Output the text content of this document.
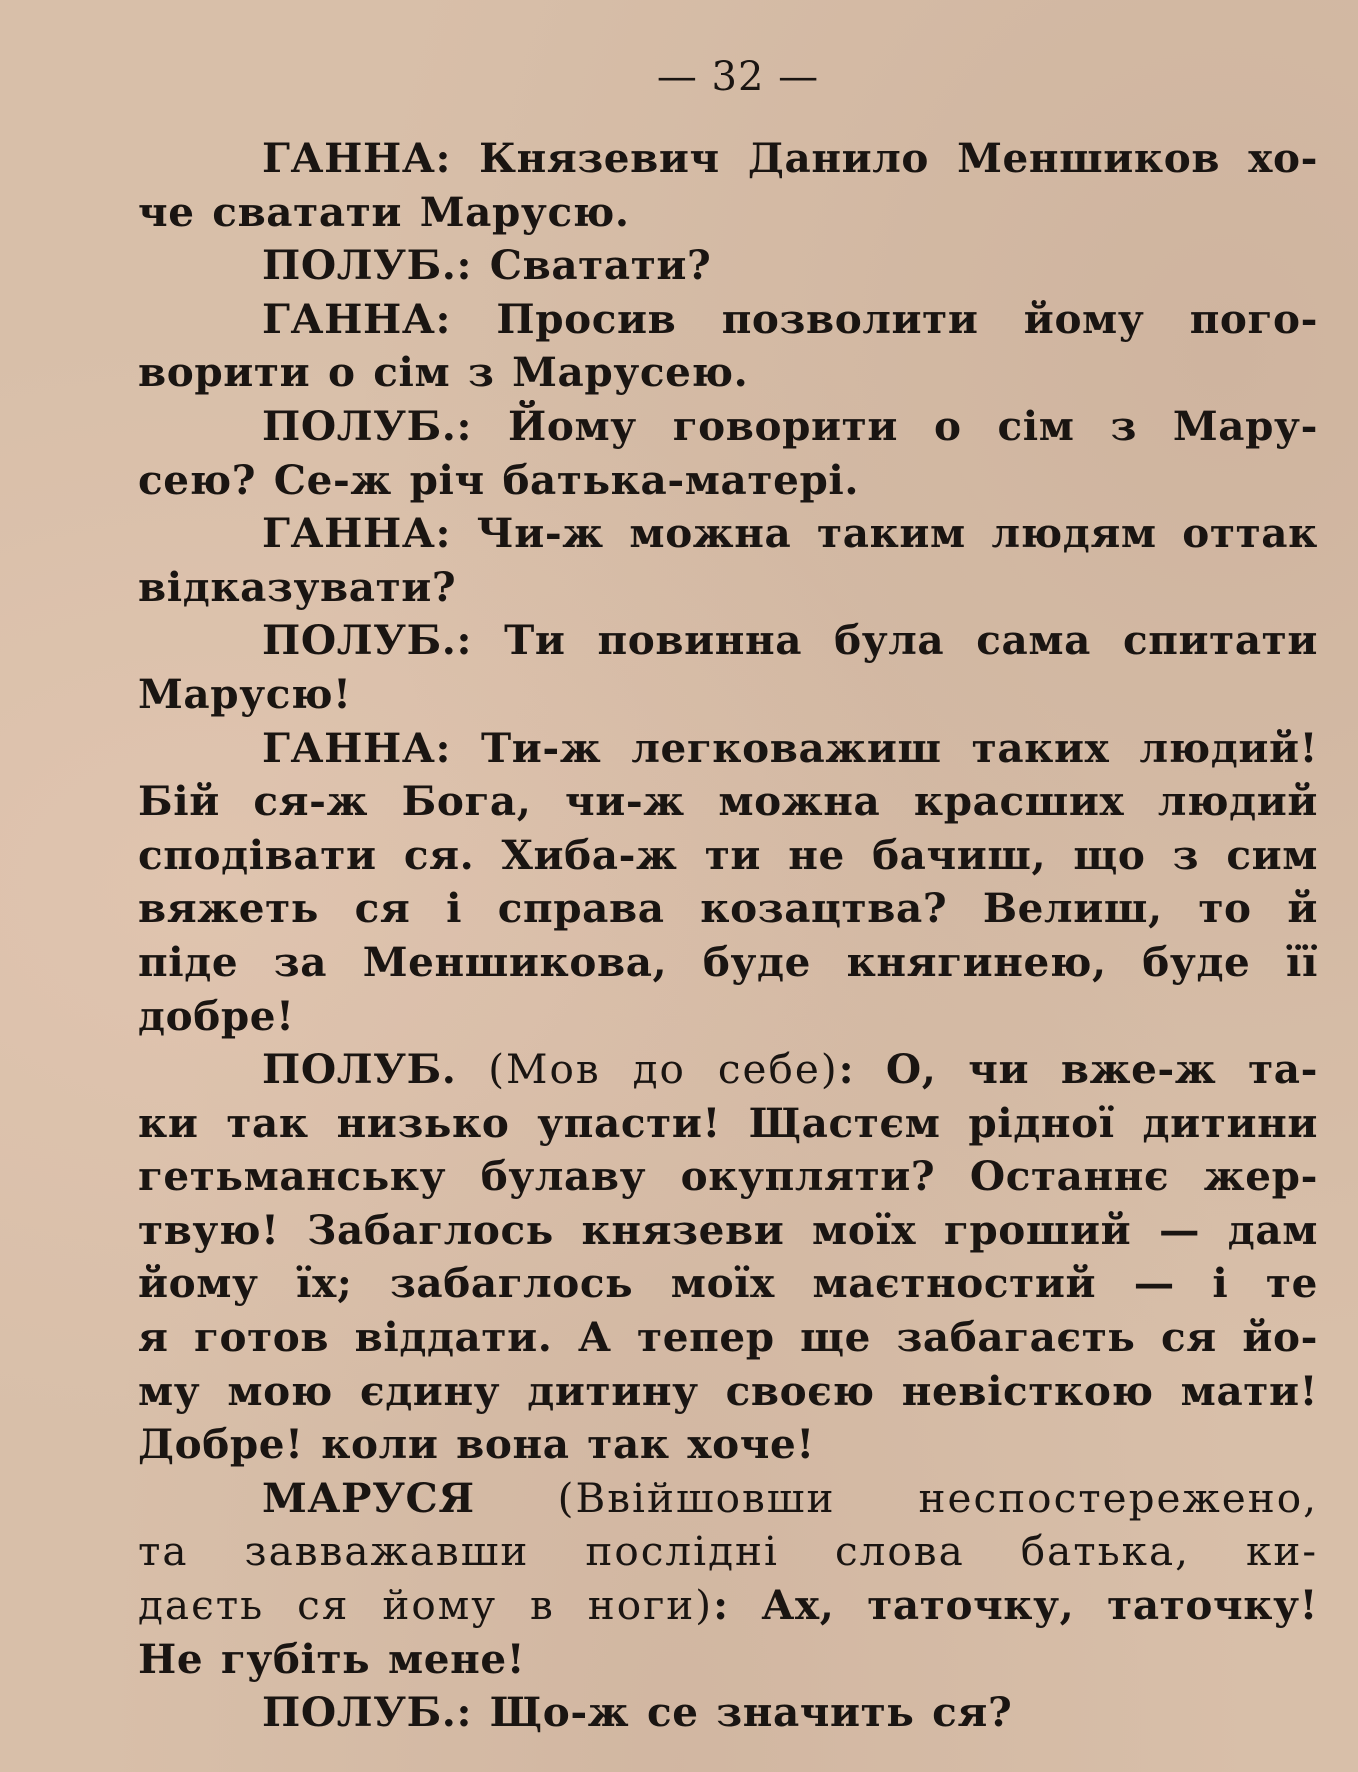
— 32 —
ГАННА: Князевич Данило Меншиков хо-
че сватати Марусю.
ПОЛУБ.: Сватати?
ГАННА: Просив позволити йому пого-
ворити о сім з Марусею.
ПОЛУБ.: Йому говорити о сім з Мару-
сею? Се-ж річ батька-матері.
ГАННА: Чи-ж можна таким людям оттак
відказувати?
ПОЛУБ.: Ти повинна була сама спитати
Марусю!
ГАННА: Ти-ж легковажиш таких людий!
Бій ся-ж Бога, чи-ж можна красших людий
сподівати ся. Хиба-ж ти не бачиш, що з сим
вяжеть ся і справа козацтва? Велиш, то й
піде за Меншикова, буде княгинею, буде її
добре!
ПОЛУБ. (Мов до себе): О, чи вже-ж та-
ки так низько упасти! Щастєм рідної дитини
гетьманську булаву окупляти? Останнє жер-
твую! Забаглось князеви моїх гроший — дам
йому їх; забаглось моїх маєтностий — і те
я готов віддати. А тепер ще забагаєть ся йо-
му мою єдину дитину своєю невісткою мати!
Добре! коли вона так хоче!
МАРУСЯ (Ввійшовши неспостережено,
та завважавши послідні слова батька, ки-
даєть ся йому в ноги): Ах, таточку, таточку!
Не губіть мене!
ПОЛУБ.: Що-ж се значить ся?
